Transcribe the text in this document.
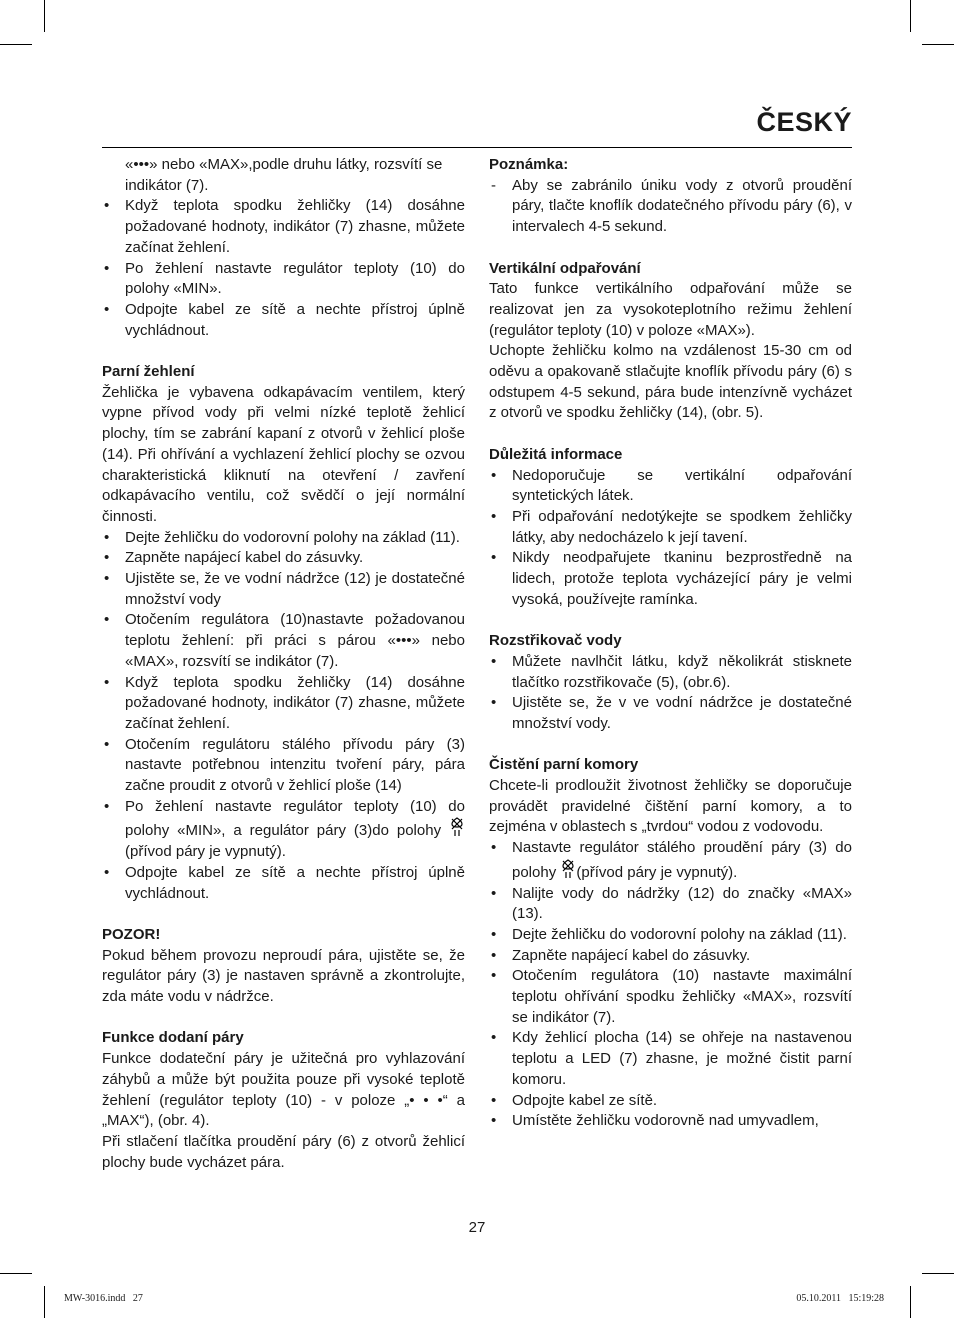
ČESKÝ

«•••» nebo «MAX»,podle druhu látky, rozsvítí se indikátor (7).

• Když teplota spodku žehličky (14) dosáhne požadované hodnoty, indikátor (7) zhasne, můžete začínat žehlení.
• Po žehlení nastavte regulátor teploty (10) do polohy «MIN».
• Odpojte kabel ze sítě a nechte přístroj úplně vychládnout.
Parní žehlení

Žehlička je vybavena odkapávacím ventilem, který vypne přívod vody při velmi nízké teplotě žehlicí plochy, tím se zabrání kapaní z otvorů v žehlicí ploše (14). Při ohřívání a vychlazení žehlicí plochy se ozvou charakteristická kliknutí na otevření / zavření odkapávacího ventilu, což svědčí o její normální činnosti.

• Dejte žehličku do vodorovní polohy na základ (11).
• Zapněte napájecí kabel do zásuvky.
• Ujistěte se, že ve vodní nádržce (12) je dostatečné množství vody
• Otočením regulátora (10)nastavte požadovanou teplotu žehlení: při práci s párou «•••» nebo «MAX», rozsvítí se indikátor (7).
• Když teplota spodku žehličky (14) dosáhne požadované hodnoty, indikátor (7) zhasne, můžete začínat žehlení.
• Otočením regulátoru stálého přívodu páry (3) nastavte potřebnou intenzitu tvoření páry, pára začne proudit z otvorů v žehlicí ploše (14)
• Po žehlení nastavte regulátor teploty (10) do polohy «MIN», a regulátor páry (3)do polohy (přívod páry je vypnutý).
• Odpojte kabel ze sítě a nechte přístroj úplně vychládnout.
POZOR!

Pokud během provozu neproudí pára, ujistěte se, že regulátor páry (3) je nastaven správně a zkontrolujte, zda máte vodu v nádržce.

Funkce dodaní páry

Funkce dodateční páry je užitečná pro vyhlazování záhybů a může být použita pouze při vysoké teplotě žehlení (regulátor teploty (10) - v poloze „• • •“ a „MAX“), (obr. 4).

Při stlačení tlačítka proudění páry (6) z otvorů žehlicí plochy bude vycházet pára.

Poznámka:
- Aby se zabránilo úniku vody z otvorů proudění páry, tlačte knoflík dodatečného přívodu páry (6), v intervalech 4-5 sekund.
Vertikální odpařování

Tato funkce vertikálního odpařování může se realizovat jen za vysokoteplotního režimu žehlení (regulátor teploty (10) v poloze «MAX»).

Uchopte žehličku kolmo na vzdálenost 15-30 cm od oděvu a opakovaně stlačujte knoflík přívodu páry (6) s odstupem 4-5 sekund, pára bude intenzívně vycházet z otvorů ve spodku žehličky (14), (obr. 5).

Důležitá informace
• Nedoporučuje se vertikální odpařování syntetických látek.
• Při odpařování nedotýkejte se spodkem žehličky látky, aby nedocházelo k její tavení.
• Nikdy neodpařujete tkaninu bezprostředně na lidech, protože teplota vycházející páry je velmi vysoká, používejte ramínka.
Rozstřikovač vody
• Můžete navlhčit látku, když několikrát stisknete tlačítko rozstřikovače (5), (obr.6).
• Ujistěte se, že v ve vodní nádržce je dostatečné množství vody.
Čistění parní komory

Chcete-li prodloužit životnost žehličky se doporučuje provádět pravidelné čištění parní komory, a to zejména v oblastech s „tvrdou“ vodou z vodovodu.

• Nastavte regulátor stálého proudění páry (3) do polohy (přívod páry je vypnutý).
• Nalijte vody do nádržky (12) do značky «MAX» (13).
• Dejte žehličku do vodorovní polohy na základ (11).
• Zapněte napájecí kabel do zásuvky.
• Otočením regulátora (10) nastavte maximální teplotu ohřívání spodku žehličky «MAX», rozsvítí se indikátor (7).
• Kdy žehlicí plocha (14) se ohřeje na nastavenou teplotu a LED (7) zhasne, je možné čistit parní komoru.
• Odpojte kabel ze sítě.
• Umístěte žehličku vodorovně nad umyvadlem,
27
MW-3016.indd   27	05.10.2011   15:19:28
